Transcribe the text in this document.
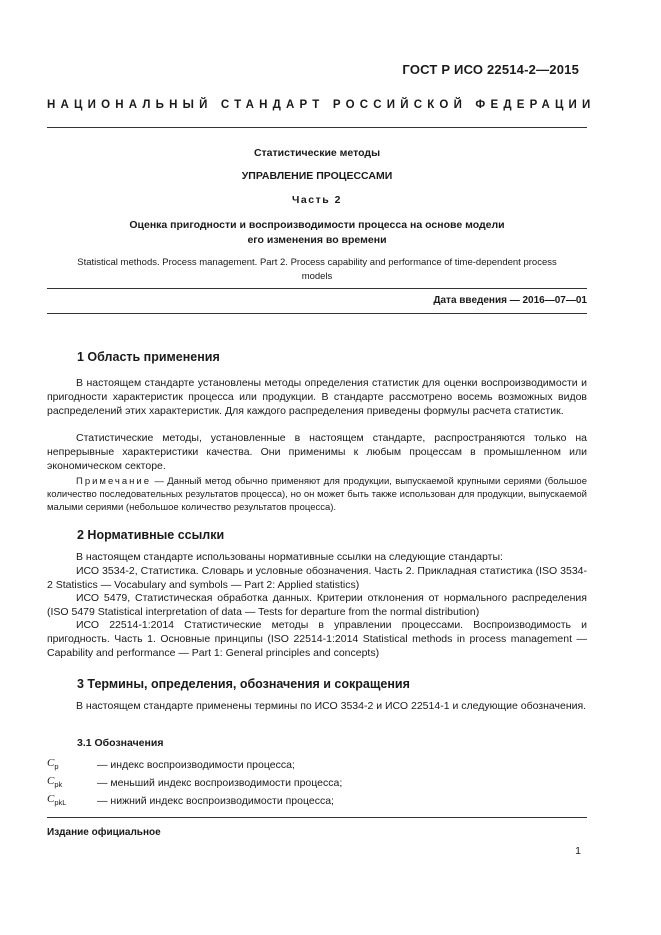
ГОСТ Р ИСО 22514-2—2015
НАЦИОНАЛЬНЫЙ СТАНДАРТ РОССИЙСКОЙ ФЕДЕРАЦИИ
Статистические методы
УПРАВЛЕНИЕ ПРОЦЕССАМИ
Часть 2
Оценка пригодности и воспроизводимости процесса на основе модели
его изменения во времени
Statistical methods. Process management. Part 2. Process capability and performance of time-dependent process
models
Дата введения — 2016—07—01
1 Область применения
В настоящем стандарте установлены методы определения статистик для оценки воспроизводимости и пригодности характеристик процесса или продукции. В стандарте рассмотрено восемь возможных видов распределений этих характеристик. Для каждого распределения приведены формулы расчета статистик.
Статистические методы, установленные в настоящем стандарте, распространяются только на непрерывные характеристики качества. Они применимы к любым процессам в промышленном или экономическом секторе.
Примечание — Данный метод обычно применяют для продукции, выпускаемой крупными сериями (большое количество последовательных результатов процесса), но он может быть также использован для продукции, выпускаемой малыми сериями (небольшое количество результатов процесса).
2 Нормативные ссылки
В настоящем стандарте использованы нормативные ссылки на следующие стандарты:
ИСО 3534-2, Статистика. Словарь и условные обозначения. Часть 2. Прикладная статистика (ISO 3534-2 Statistics — Vocabulary and symbols — Part 2: Applied statistics)
ИСО 5479, Статистическая обработка данных. Критерии отклонения от нормального распределения (ISO 5479 Statistical interpretation of data — Tests for departure from the normal distribution)
ИСО 22514-1:2014 Статистические методы в управлении процессами. Воспроизводимость и пригодность. Часть 1. Основные принципы (ISO 22514-1:2014 Statistical methods in process management — Capability and performance — Part 1: General principles and concepts)
3 Термины, определения, обозначения и сокращения
В настоящем стандарте применены термины по ИСО 3534-2 и ИСО 22514-1 и следующие обозначения.
3.1 Обозначения
$C_p$	— индекс воспроизводимости процесса;
$C_{pk}$	— меньший индекс воспроизводимости процесса;
$C_{pkL}$	— нижний индекс воспроизводимости процесса;
Издание официальное
1
